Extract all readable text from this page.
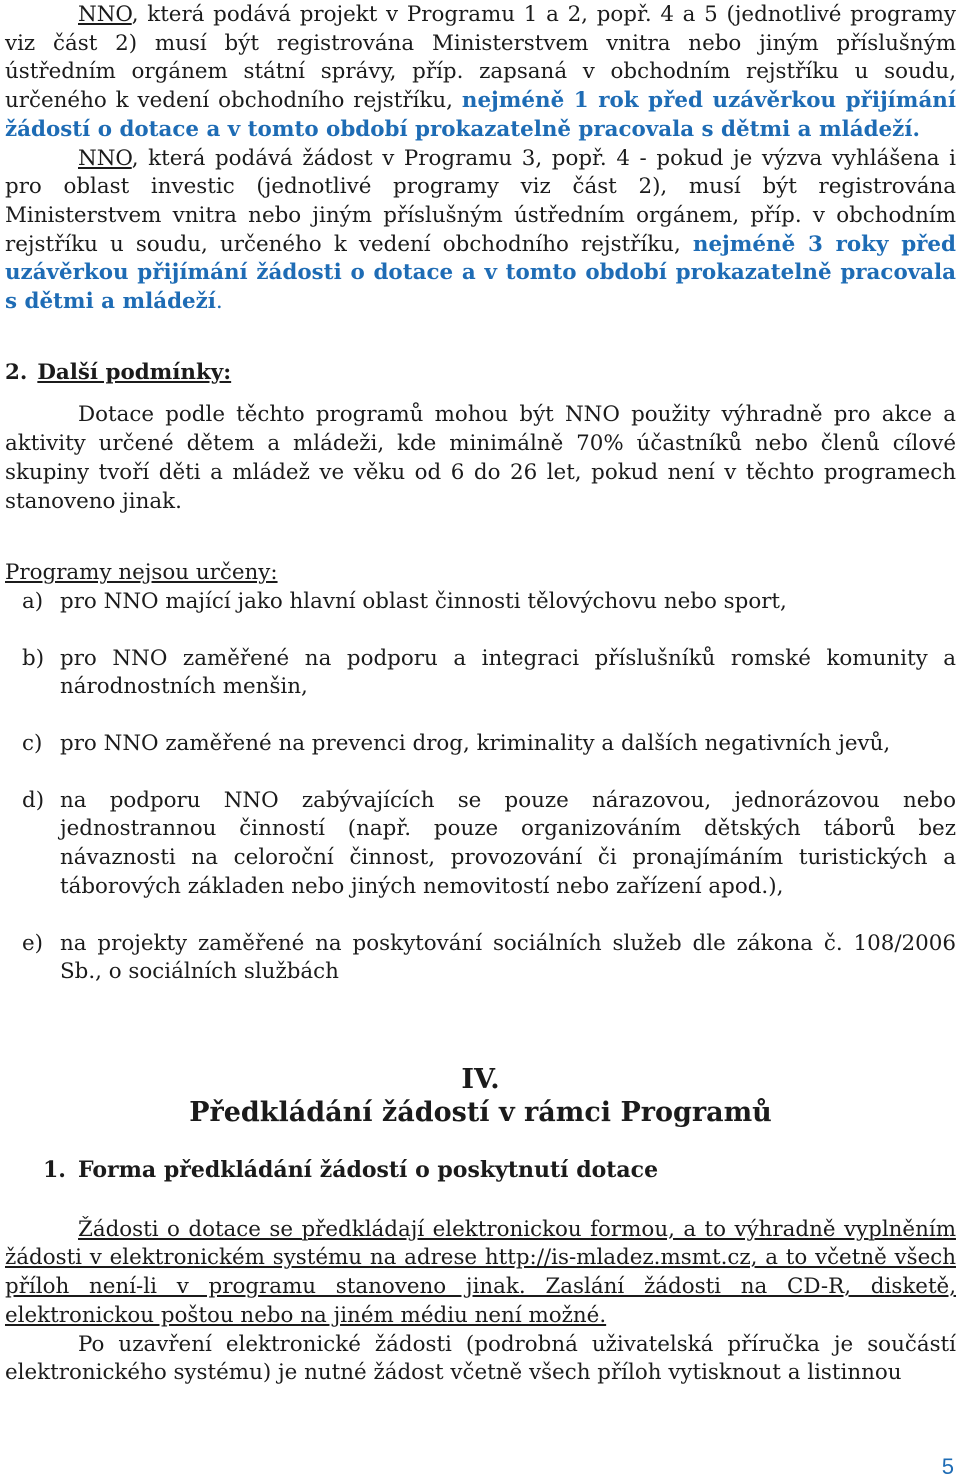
NNO, která podává projekt v Programu 1 a 2, popř. 4 a 5 (jednotlivé programy viz část 2) musí být registrována Ministerstvem vnitra nebo jiným příslušným ústředním orgánem státní správy, příp. zapsaná v obchodním rejstříku u soudu, určeného k vedení obchodního rejstříku, nejméně 1 rok před uzávěrkou přijímání žádostí o dotace a v tomto období prokazatelně pracovala s dětmi a mládeží.

NNO, která podává žádost v Programu 3, popř. 4 - pokud je výzva vyhlášena i pro oblast investic (jednotlivé programy viz část 2), musí být registrována Ministerstvem vnitra nebo jiným příslušným ústředním orgánem, příp. v obchodním rejstříku u soudu, určeného k vedení obchodního rejstříku, nejméně 3 roky před uzávěrkou přijímání žádosti o dotace a v tomto období prokazatelně pracovala s dětmi a mládeží.

2. Další podmínky:

Dotace podle těchto programů mohou být NNO použity výhradně pro akce a aktivity určené dětem a mládeži, kde minimálně 70% účastníků nebo členů cílové skupiny tvoří děti a mládež ve věku od 6 do 26 let, pokud není v těchto programech stanoveno jinak.

Programy nejsou určeny:

a) pro NNO mající jako hlavní oblast činnosti tělovýchovu nebo sport,
b) pro NNO zaměřené na podporu a integraci příslušníků romské komunity a národnostních menšin,
c) pro NNO zaměřené na prevenci drog, kriminality a dalších negativních jevů,
d) na podporu NNO zabývajících se pouze nárazovou, jednorázovou nebo jednostrannou činností (např. pouze organizováním dětských táborů bez návaznosti na celoroční činnost, provozování či pronajímáním turistických a táborových základen nebo jiných nemovitostí nebo zařízení apod.),
e) na projekty zaměřené na poskytování sociálních služeb dle zákona č. 108/2006 Sb., o sociálních službách

IV.

Předkládání žádostí v rámci Programů

1. Forma předkládání žádostí o poskytnutí dotace

Žádosti o dotace se předkládají elektronickou formou, a to výhradně vyplněním žádosti v elektronickém systému na adrese http://is-mladez.msmt.cz, a to včetně všech příloh není-li v programu stanoveno jinak. Zaslání žádosti na CD-R, disketě, elektronickou poštou nebo na jiném médiu není možné.

Po uzavření elektronické žádosti (podrobná uživatelská příručka je součástí elektronického systému) je nutné žádost včetně všech příloh vytisknout a listinnou

5
